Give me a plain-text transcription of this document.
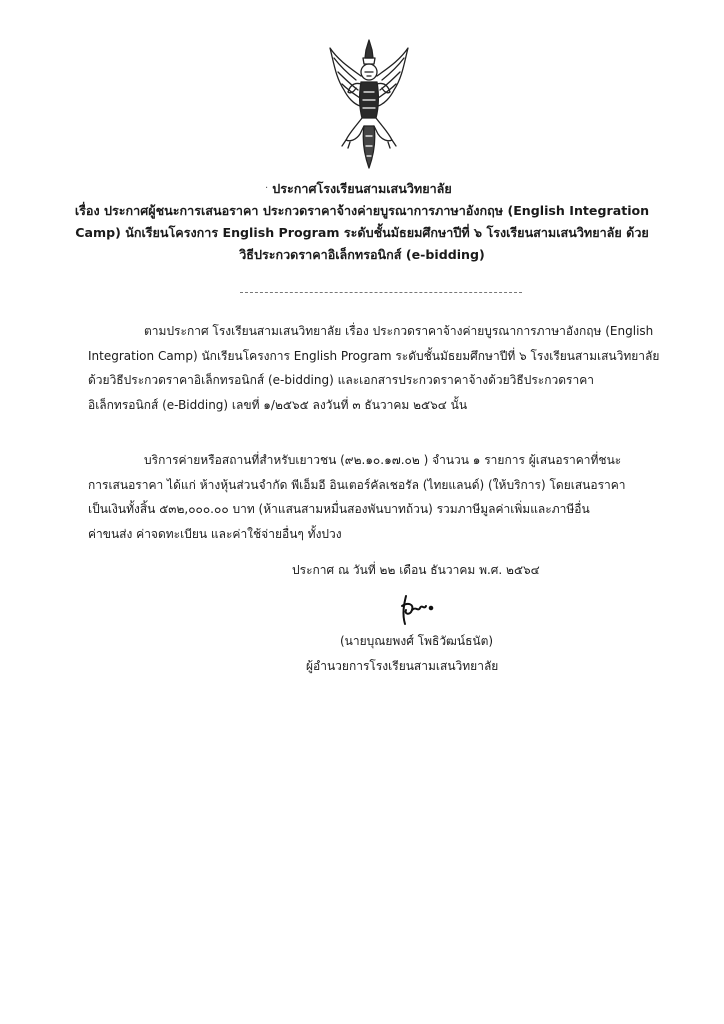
· ประกาศโรงเรียนสามเสนวิทยาลัย
เรื่อง ประกาศผู้ชนะการเสนอราคา ประกวดราคาจ้างค่ายบูรณาการภาษาอังกฤษ (English Integration
Camp) นักเรียนโครงการ English Program ระดับชั้นมัธยมศึกษาปีที่ ๖ โรงเรียนสามเสนวิทยาลัย ด้วย
วิธีประกวดราคาอิเล็กทรอนิกส์ (e-bidding)
ตามประกาศ โรงเรียนสามเสนวิทยาลัย เรื่อง ประกวดราคาจ้างค่ายบูรณาการภาษาอังกฤษ (English
Integration Camp) นักเรียนโครงการ English Program ระดับชั้นมัธยมศึกษาปีที่ ๖ โรงเรียนสามเสนวิทยาลัย
ด้วยวิธีประกวดราคาอิเล็กทรอนิกส์ (e-bidding) และเอกสารประกวดราคาจ้างด้วยวิธีประกวดราคา
อิเล็กทรอนิกส์ (e-Bidding) เลขที่ ๑/๒๕๖๕ ลงวันที่ ๓ ธันวาคม ๒๕๖๔ นั้น
บริการค่ายหรือสถานที่สำหรับเยาวชน (๙๒.๑๐.๑๗.๐๒ ) จำนวน ๑ รายการ ผู้เสนอราคาที่ชนะ
การเสนอราคา ได้แก่ ห้างหุ้นส่วนจำกัด พีเอ็มอี อินเตอร์คัลเชอรัล (ไทยแลนด์) (ให้บริการ) โดยเสนอราคา
เป็นเงินทั้งสิ้น ๕๓๒,๐๐๐.๐๐ บาท (ห้าแสนสามหมื่นสองพันบาทถ้วน) รวมภาษีมูลค่าเพิ่มและภาษีอื่น
ค่าขนส่ง ค่าจดทะเบียน และค่าใช้จ่ายอื่นๆ ทั้งปวง
ประกาศ ณ วันที่ ๒๒ เดือน ธันวาคม พ.ศ. ๒๕๖๔
(นายบุณยพงศ์ โพธิวัฒน์ธนัต)
ผู้อำนวยการโรงเรียนสามเสนวิทยาลัย
